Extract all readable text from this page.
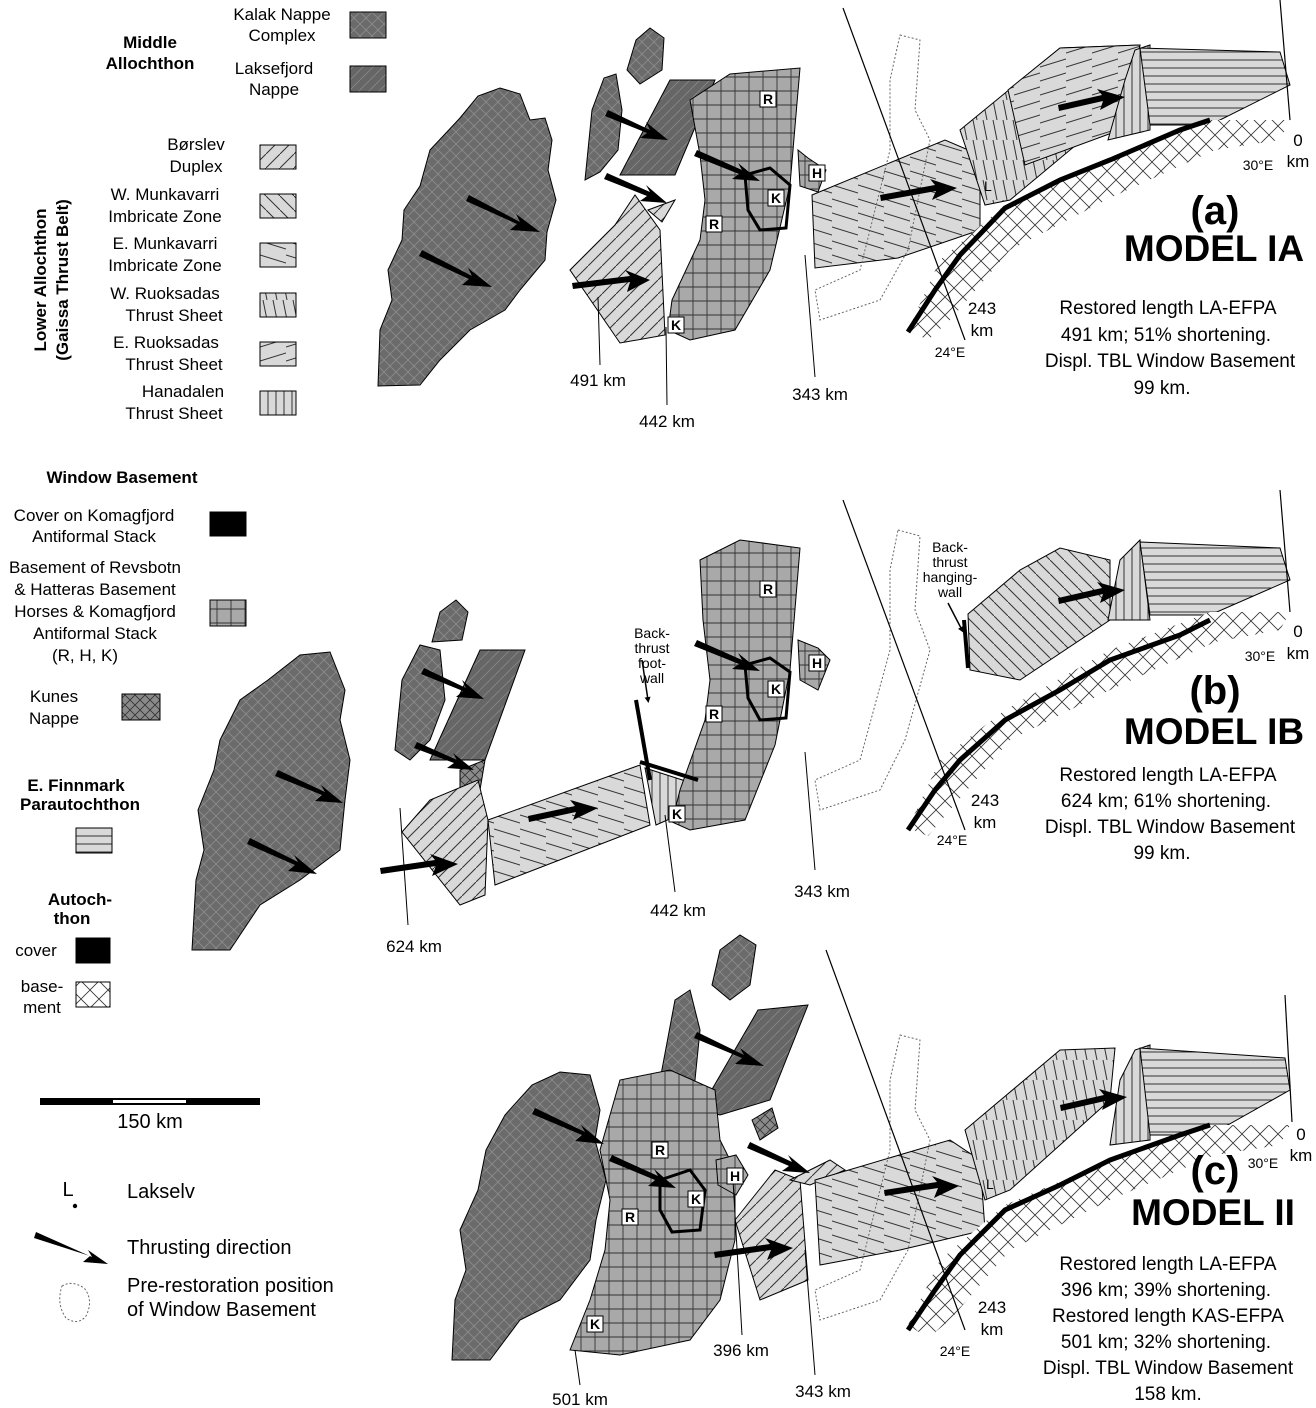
Middle
Allochthon
Kalak Nappe
Complex
Laksefjord
Nappe
Lower Allochthon (Gaissa Thrust Belt)
Børslev
Duplex
W. Munkavarri
Imbricate Zone
E. Munkavarri
Imbricate Zone
W. Ruoksadas
Thrust Sheet
E. Ruoksadas
Thrust Sheet
Hanadalen
Thrust Sheet
Window Basement
Cover on Komagfjord
Antiformal Stack
Basement of Revsbotn
& Hatteras Basement
Horses & Komagfjord
Antiformal Stack
(R, H, K)
Kunes
Nappe
E. Finnmark
Parautochthon
Autoch-
thon
cover
base-
ment
150 km
L	Lakselv
Thrusting direction
Pre-restoration position
of Window Basement
R
R
K
K
H
L
491 km
442 km
343 km
243
km
0
km
24°E
30°E
(a)
MODEL IA
Restored length LA-EFPA
491 km; 51% shortening.
Displ. TBL Window Basement
99 km.
R
R
K
K
H
Back-
thrust
foot-
wall
Back-
thrust
hanging-
wall
624 km
442 km
343 km
243
km
0
km
24°E
30°E
(b)
MODEL IB
Restored length LA-EFPA
624 km; 61% shortening.
Displ. TBL Window Basement
99 km.
R
R
K
K
H	L
501 km
396 km
343 km
243
km
0
km
24°E
30°E
(c)
MODEL II
Restored length LA-EFPA
396 km; 39% shortening.
Restored length KAS-EFPA
501 km; 32% shortening.
Displ. TBL Window Basement
158 km.
